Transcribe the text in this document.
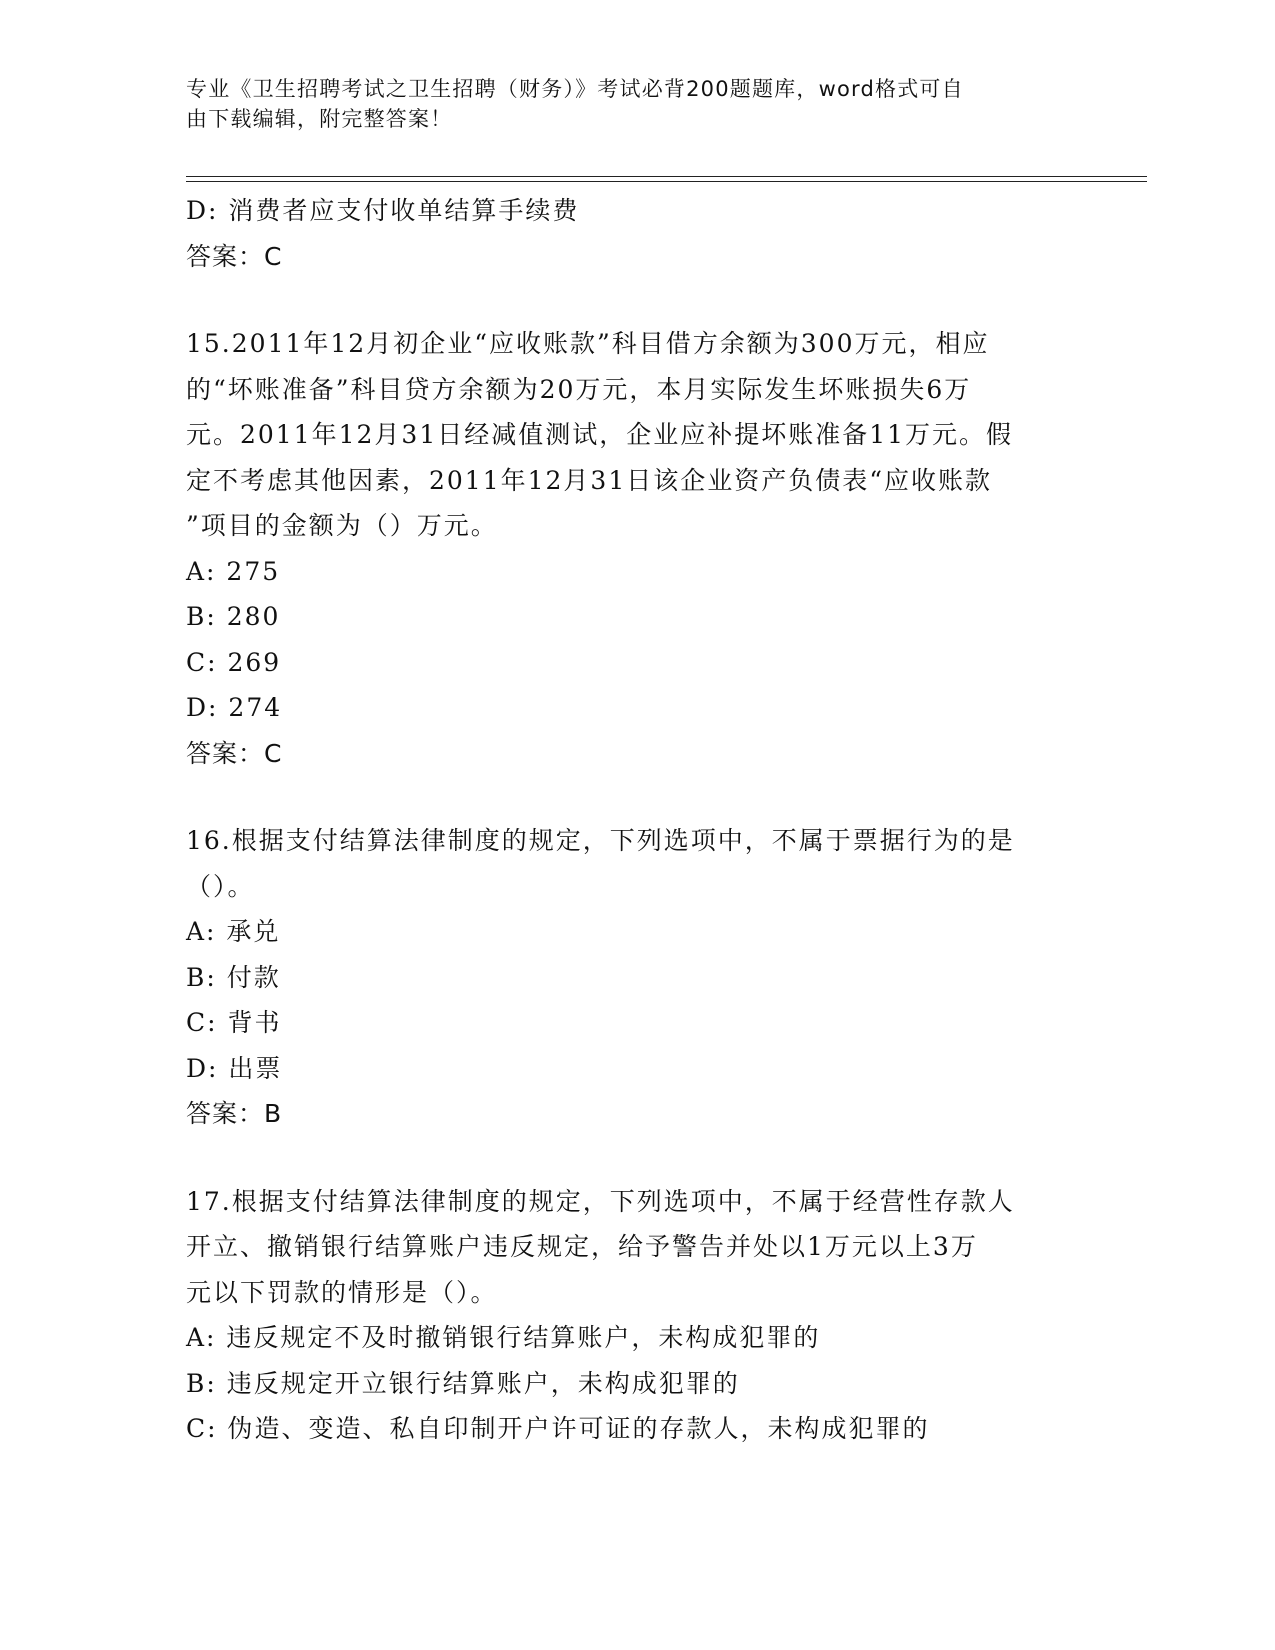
专业《卫生招聘考试之卫生招聘（财务）》考试必背200题题库，word格式可自
由下载编辑，附完整答案！
D: 消费者应支付收单结算手续费
答案：C
15.2011年12月初企业“应收账款”科目借方余额为300万元，相应
的“坏账准备”科目贷方余额为20万元，本月实际发生坏账损失6万
元。2011年12月31日经减值测试，企业应补提坏账准备11万元。假
定不考虑其他因素，2011年12月31日该企业资产负债表“应收账款
”项目的金额为（）万元。
A: 275
B: 280
C: 269
D: 274
答案：C
16.根据支付结算法律制度的规定，下列选项中，不属于票据行为的是
（）。
A: 承兑
B: 付款
C: 背书
D: 出票
答案：B
17.根据支付结算法律制度的规定，下列选项中，不属于经营性存款人
开立、撤销银行结算账户违反规定，给予警告并处以1万元以上3万
元以下罚款的情形是（）。
A: 违反规定不及时撤销银行结算账户，未构成犯罪的
B: 违反规定开立银行结算账户，未构成犯罪的
C: 伪造、变造、私自印制开户许可证的存款人，未构成犯罪的
